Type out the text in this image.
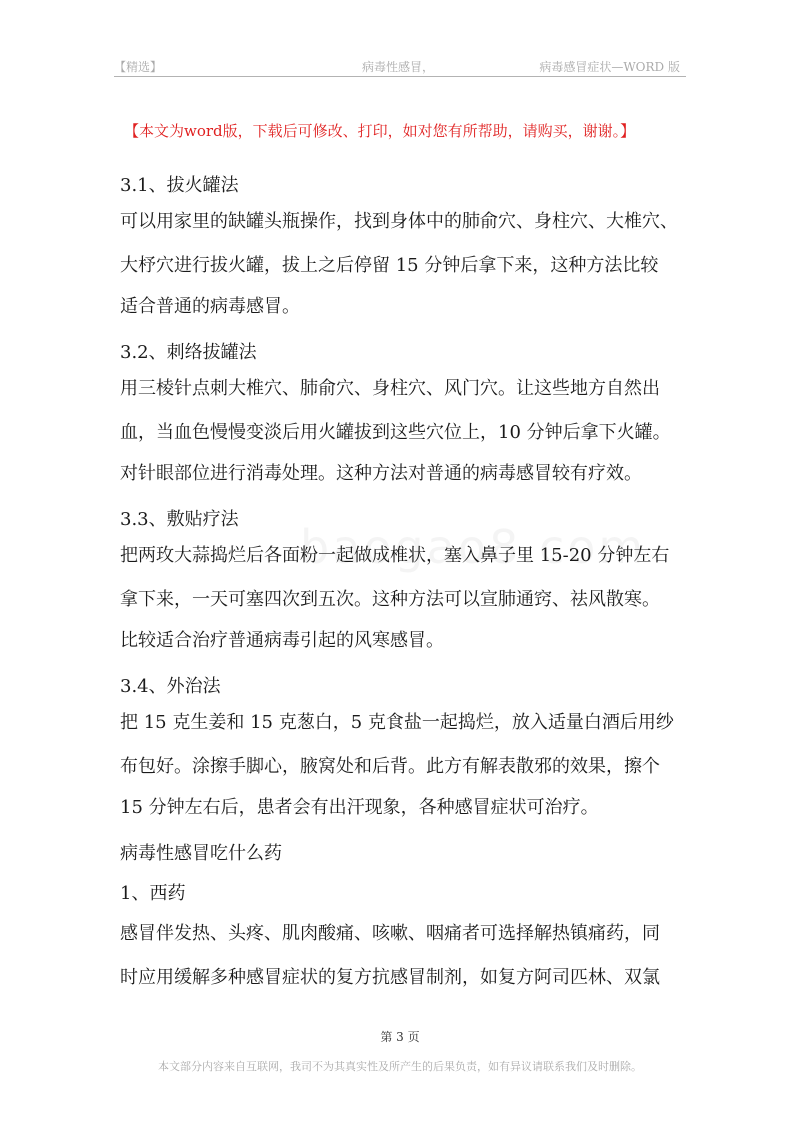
【精选】	病毒性感冒，	病毒感冒症状—WORD 版
【本文为word版，下载后可修改、打印，如对您有所帮助，请购买，谢谢。】
3.1、拔火罐法
可以用家里的缺罐头瓶操作，找到身体中的肺俞穴、身柱穴、大椎穴、
大杼穴进行拔火罐，拔上之后停留 15 分钟后拿下来，这种方法比较
适合普通的病毒感冒。
3.2、刺络拔罐法
用三棱针点刺大椎穴、肺俞穴、身柱穴、风门穴。让这些地方自然出
血，当血色慢慢变淡后用火罐拔到这些穴位上，10 分钟后拿下火罐。
对针眼部位进行消毒处理。这种方法对普通的病毒感冒较有疗效。
3.3、敷贴疗法
把两玫大蒜捣烂后各面粉一起做成椎状，塞入鼻子里 15-20 分钟左右
拿下来，一天可塞四次到五次。这种方法可以宣肺通窍、祛风散寒。
比较适合治疗普通病毒引起的风寒感冒。
3.4、外治法
把 15 克生姜和 15 克葱白，5 克食盐一起捣烂，放入适量白酒后用纱
布包好。涂擦手脚心，腋窝处和后背。此方有解表散邪的效果，擦个
15 分钟左右后，患者会有出汗现象，各种感冒症状可治疗。
病毒性感冒吃什么药
1、西药
感冒伴发热、头疼、肌肉酸痛、咳嗽、咽痛者可选择解热镇痛药，同
时应用缓解多种感冒症状的复方抗感冒制剂，如复方阿司匹林、双氯
第 3 页
本文部分内容来自互联网，我司不为其真实性及所产生的后果负责，如有异议请联系我们及时删除。
